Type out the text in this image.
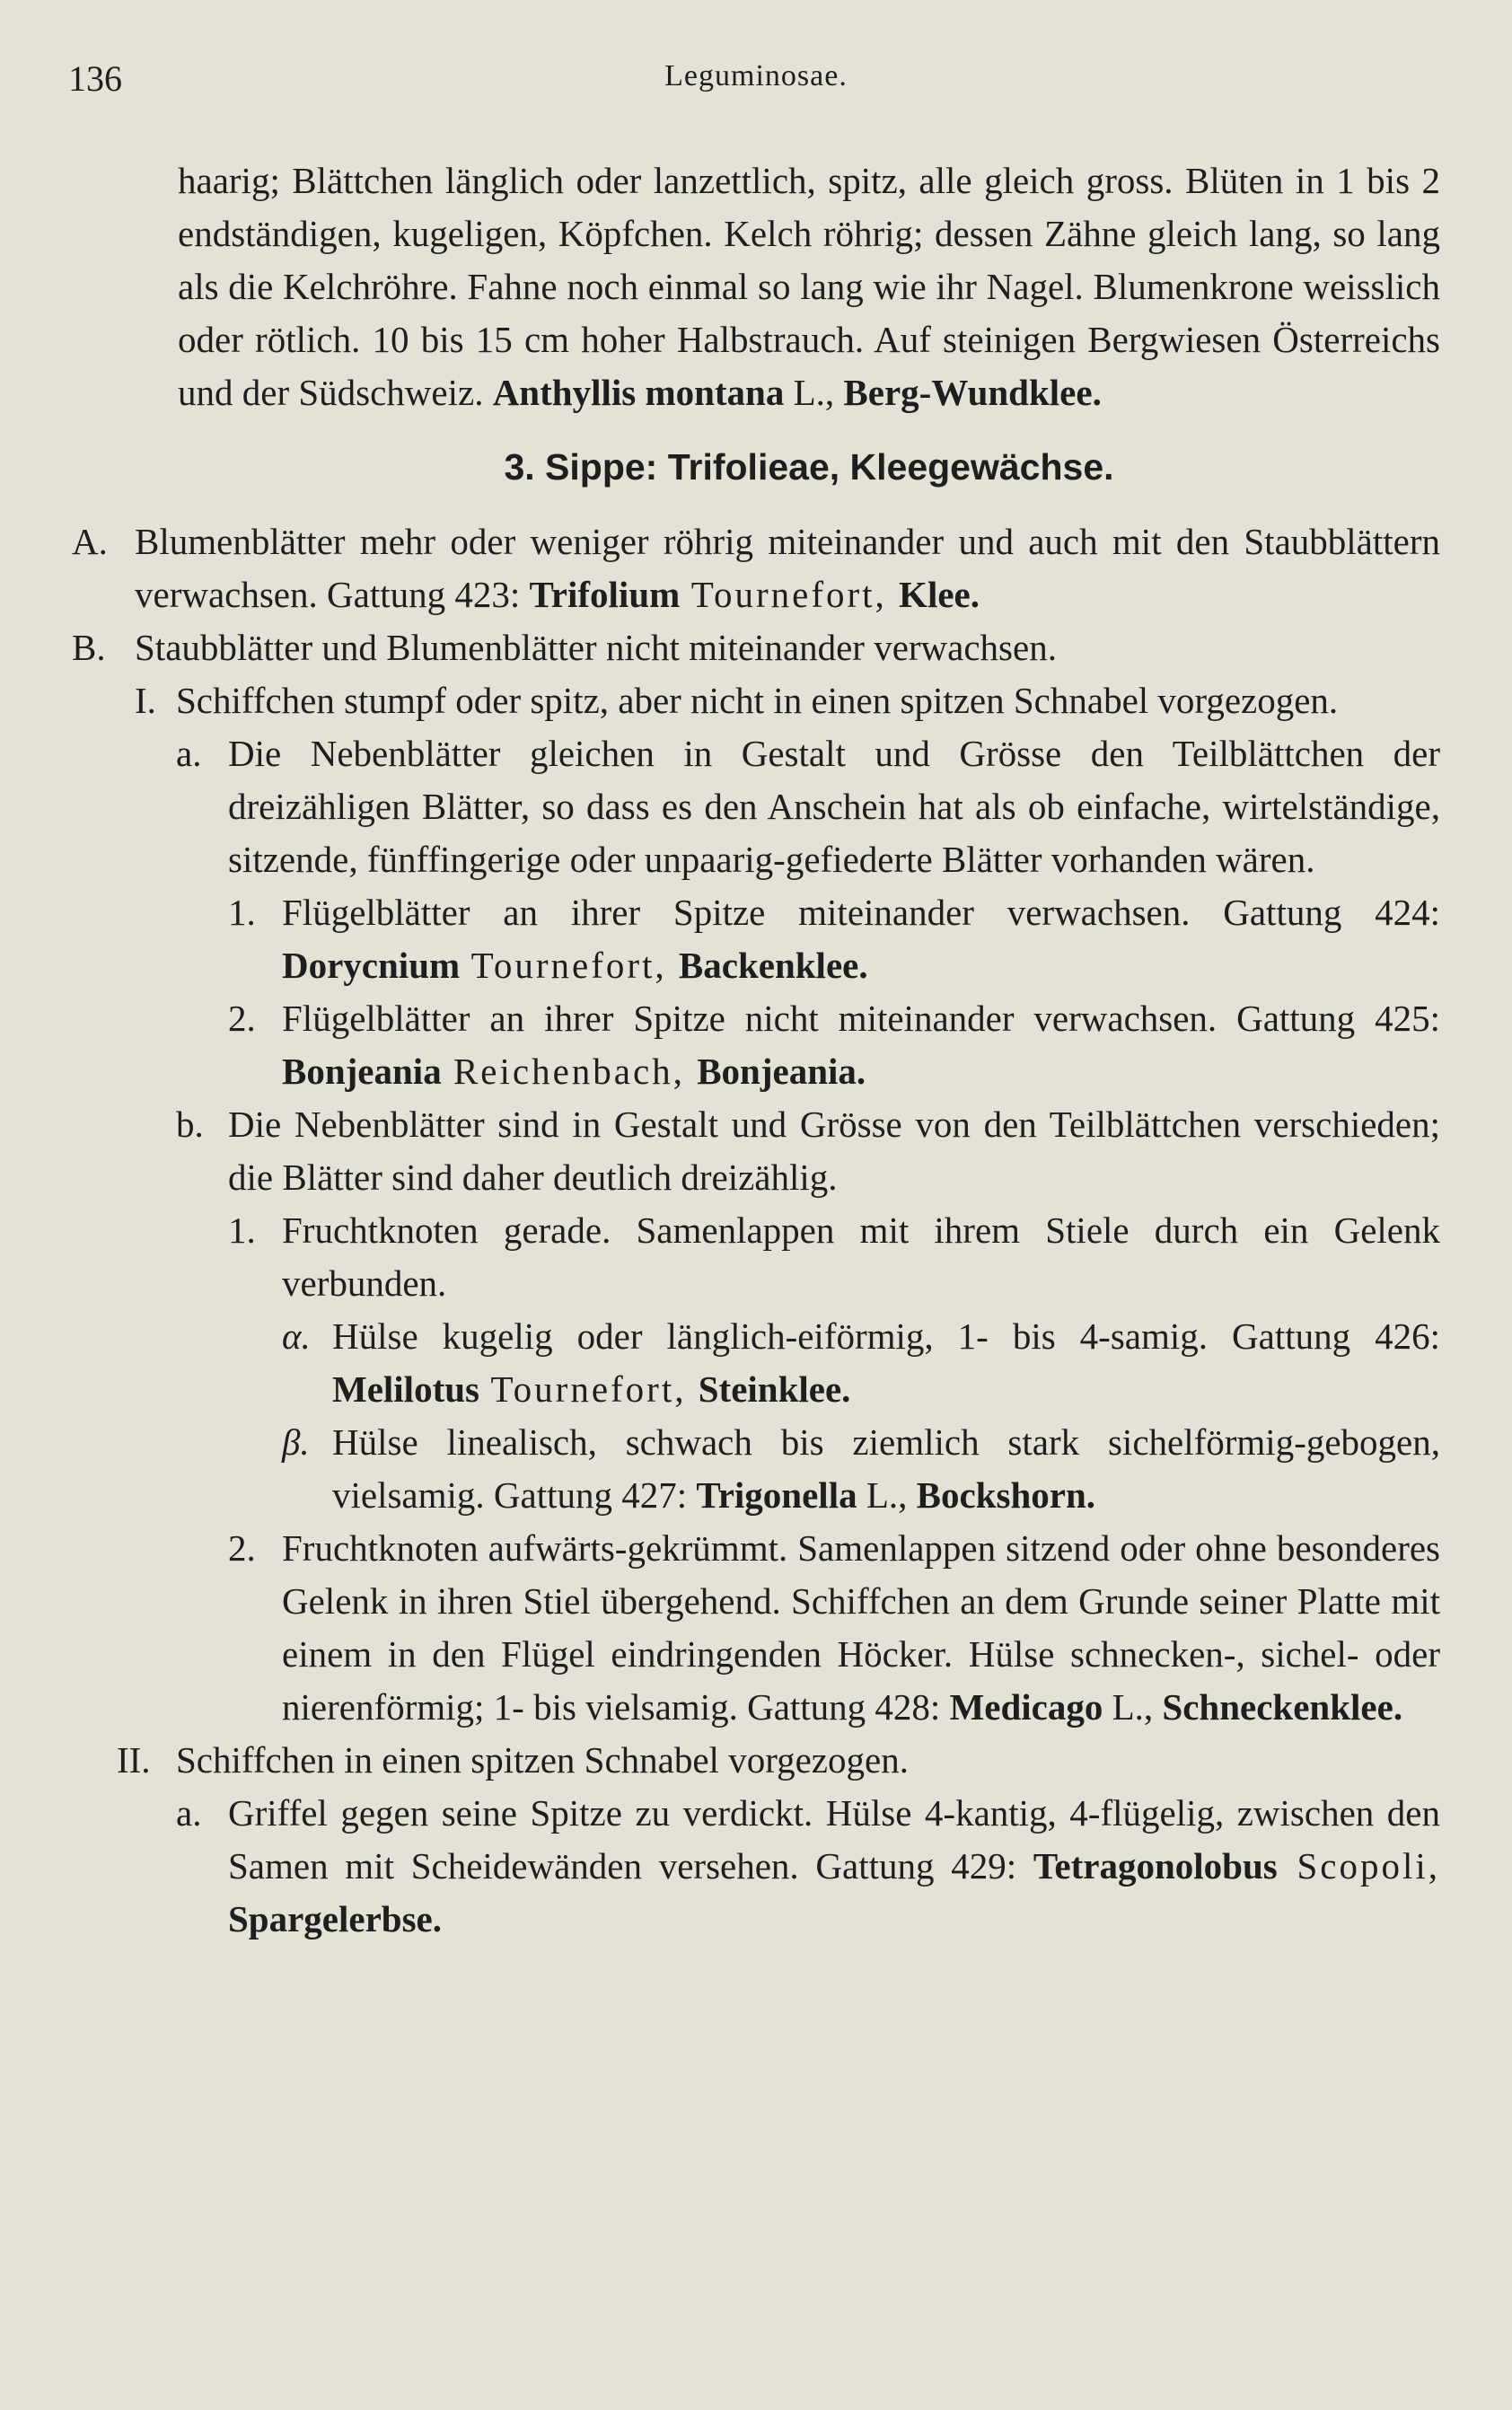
136	Leguminosae.
haarig; Blättchen länglich oder lanzettlich, spitz, alle gleich gross. Blüten in 1 bis 2 endständigen, kugeligen, Köpfchen. Kelch röhrig; dessen Zähne gleich lang, so lang als die Kelchröhre. Fahne noch einmal so lang wie ihr Nagel. Blumenkrone weisslich oder rötlich. 10 bis 15 cm hoher Halbstrauch. Auf steinigen Bergwiesen Österreichs und der Südschweiz. Anthyllis montana L., Berg-Wundklee.
3. Sippe: Trifolieae, Kleegewächse.
A. Blumenblätter mehr oder weniger röhrig miteinander und auch mit den Staubblättern verwachsen. Gattung 423: Trifolium Tournefort, Klee.
B. Staubblätter und Blumenblätter nicht miteinander verwachsen.
I. Schiffchen stumpf oder spitz, aber nicht in einen spitzen Schnabel vorgezogen.
a. Die Nebenblätter gleichen in Gestalt und Grösse den Teilblättchen der dreizähligen Blätter, so dass es den Anschein hat als ob einfache, wirtelständige, sitzende, fünffingerige oder unpaarig-gefiederte Blätter vorhanden wären.
1. Flügelblätter an ihrer Spitze miteinander verwachsen. Gattung 424: Dorycnium Tournefort, Backenklee.
2. Flügelblätter an ihrer Spitze nicht miteinander verwachsen. Gattung 425: Bonjeania Reichenbach, Bonjeania.
b. Die Nebenblätter sind in Gestalt und Grösse von den Teilblättchen verschieden; die Blätter sind daher deutlich dreizählig.
1. Fruchtknoten gerade. Samenlappen mit ihrem Stiele durch ein Gelenk verbunden.
α. Hülse kugelig oder länglich-eiförmig, 1- bis 4-samig. Gattung 426: Melilotus Tournefort, Steinklee.
β. Hülse linealisch, schwach bis ziemlich stark sichelförmig-gebogen, vielsamig. Gattung 427: Trigonella L., Bockshorn.
2. Fruchtknoten aufwärts-gekrümmt. Samenlappen sitzend oder ohne besonderes Gelenk in ihren Stiel übergehend. Schiffchen an dem Grunde seiner Platte mit einem in den Flügel eindringenden Höcker. Hülse schnecken-, sichel- oder nierenförmig; 1- bis vielsamig. Gattung 428: Medicago L., Schneckenklee.
II. Schiffchen in einen spitzen Schnabel vorgezogen.
a. Griffel gegen seine Spitze zu verdickt. Hülse 4-kantig, 4-flügelig, zwischen den Samen mit Scheidewänden versehen. Gattung 429: Tetragonolobus Scopoli, Spargelerbse.
